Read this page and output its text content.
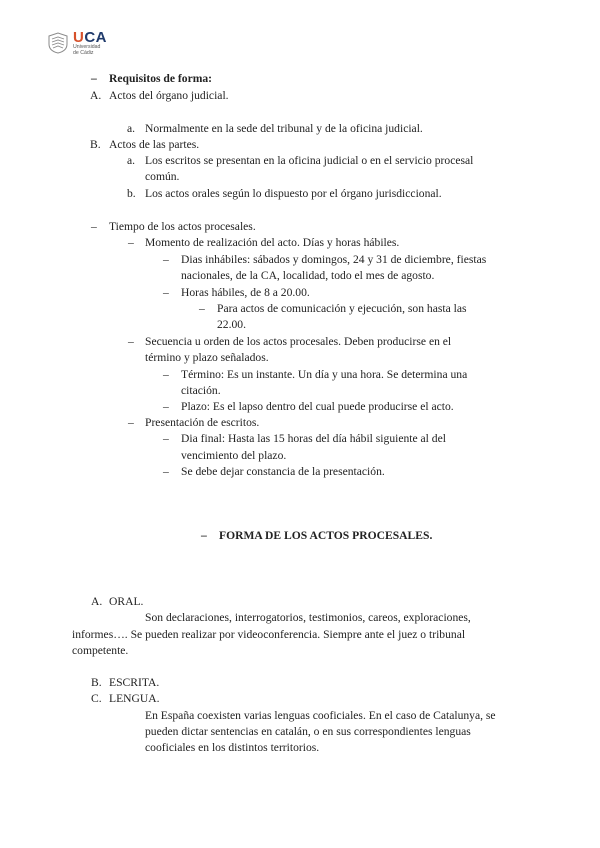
UCA
Universidad
de Cádiz
– Requisitos de forma:
A. Actos del órgano judicial.
a. Normalmente en la sede del tribunal y de la oficina judicial.
B. Actos de las partes.
a. Los escritos se presentan en la oficina judicial o en el servicio procesal
común.
b. Los actos orales según lo dispuesto por el órgano jurisdiccional.
– Tiempo de los actos procesales.
– Momento de realización del acto. Días y horas hábiles.
– Dias inhábiles: sábados y domingos, 24 y 31 de diciembre, fiestas
nacionales, de la CA, localidad, todo el mes de agosto.
– Horas hábiles, de 8 a 20.00.
– Para actos de comunicación y ejecución, son hasta las
22.00.
– Secuencia u orden de los actos procesales. Deben producirse en el
término y plazo señalados.
– Término: Es un instante. Un día y una hora. Se determina una
citación.
– Plazo: Es el lapso dentro del cual puede producirse el acto.
– Presentación de escritos.
– Dia final: Hasta las 15 horas del día hábil siguiente al del
vencimiento del plazo.
– Se debe dejar constancia de la presentación.
– FORMA DE LOS ACTOS PROCESALES.
A. ORAL.
Son declaraciones, interrogatorios, testimonios, careos, exploraciones,
informes…. Se pueden realizar por videoconferencia. Siempre ante el juez o tribunal
competente.
B. ESCRITA.
C. LENGUA.
En España coexisten varias lenguas cooficiales. En el caso de Catalunya, se
pueden dictar sentencias en catalán, o en sus correspondientes lenguas
cooficiales en los distintos territorios.
